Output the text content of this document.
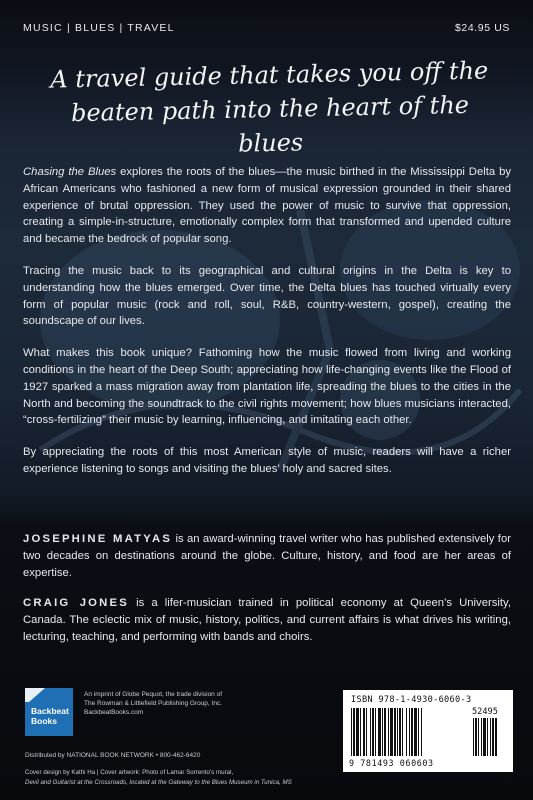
MUSIC | BLUES | TRAVEL	$24.95 US
A travel guide that takes you off the
beaten path into the heart of the blues

Chasing the Blues explores the roots of the blues—the music birthed in the Mississippi Delta by African Americans who fashioned a new form of musical expression grounded in their shared experience of brutal oppression. They used the power of music to survive that oppression, creating a simple-in-structure, emotionally complex form that transformed and upended culture and became the bedrock of popular song.

Tracing the music back to its geographical and cultural origins in the Delta is key to understanding how the blues emerged. Over time, the Delta blues has touched virtually every form of popular music (rock and roll, soul, R&B, country-western, gospel), creating the soundscape of our lives.

What makes this book unique? Fathoming how the music flowed from living and working conditions in the heart of the Deep South; appreciating how life-changing events like the Flood of 1927 sparked a mass migration away from plantation life, spreading the blues to the cities in the North and becoming the soundtrack to the civil rights movement; how blues musicians interacted, “cross-fertilizing” their music by learning, influencing, and imitating each other.

By appreciating the roots of this most American style of music, readers will have a richer experience listening to songs and visiting the blues’ holy and sacred sites.

JOSEPHINE MATYAS is an award-winning travel writer who has published extensively for two decades on destinations around the globe. Culture, history, and food are her areas of expertise.

CRAIG JONES is a lifer-musician trained in political economy at Queen’s University, Canada. The eclectic mix of music, history, politics, and current affairs is what drives his writing, lecturing, teaching, and performing with bands and choirs.

Backbeat
Books
An imprint of Globe Pequot, the trade division of
The Rowman & Littlefield Publishing Group, Inc.
BackbeatBooks.com
Distributed by NATIONAL BOOK NETWORK • 800-462-6420
Cover design by Kathi Ha | Cover artwork: Photo of Lamar Sorrento’s mural,
Devil and Guitarist at the Crossroads, located at the Gateway to the Blues Museum in Tunica, MS
ISBN 978-1-4930-6060-3
52495
9 781493 060603
